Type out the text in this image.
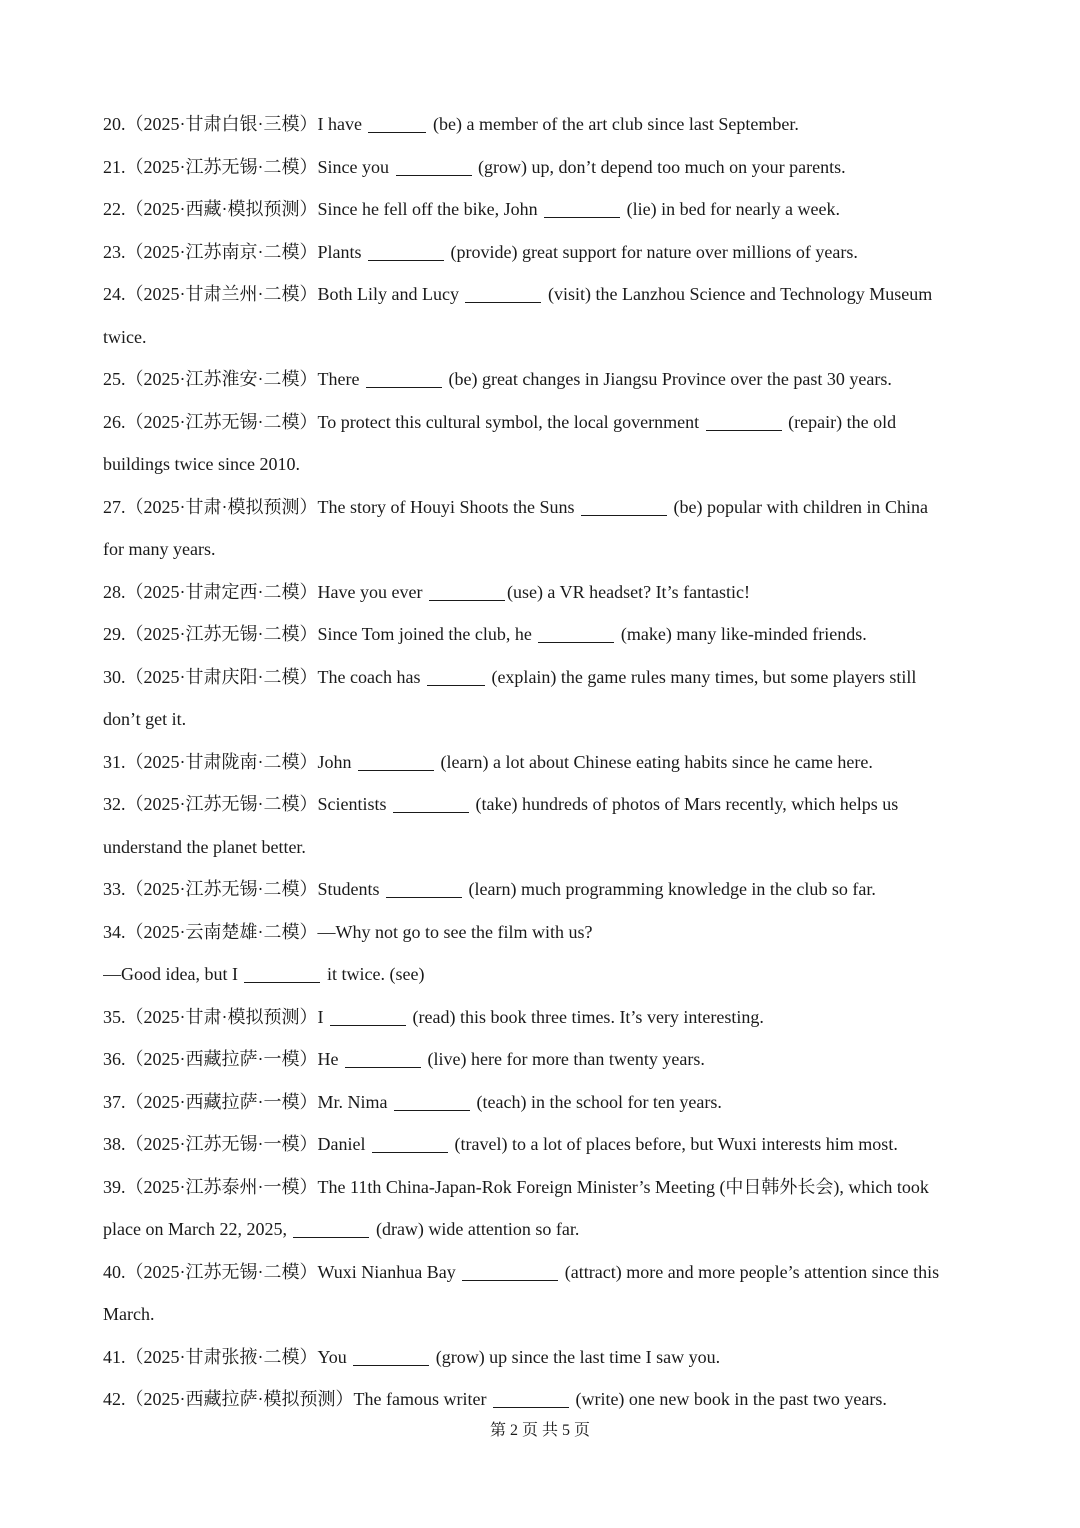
20.（2025·甘肃白银·三模）I have	(be) a member of the art club since last September.
21.（2025·江苏无锡·二模）Since you	(grow) up, don’t depend too much on your parents.
22.（2025·西藏·模拟预测）Since he fell off the bike, John	(lie) in bed for nearly a week.
23.（2025·江苏南京·二模）Plants	(provide) great support for nature over millions of years.
24.（2025·甘肃兰州·二模）Both Lily and Lucy	(visit) the Lanzhou Science and Technology Museum
twice.
25.（2025·江苏淮安·二模）There	(be) great changes in Jiangsu Province over the past 30 years.
26.（2025·江苏无锡·二模）To protect this cultural symbol, the local government	(repair) the old
buildings twice since 2010.
27.（2025·甘肃·模拟预测）The story of Houyi Shoots the Suns	(be) popular with children in China
for many years.
28.（2025·甘肃定西·二模）Have you ever	(use) a VR headset? It’s fantastic!
29.（2025·江苏无锡·二模）Since Tom joined the club, he	(make) many like-minded friends.
30.（2025·甘肃庆阳·二模）The coach has	(explain) the game rules many times, but some players still
don’t get it.
31.（2025·甘肃陇南·二模）John	(learn) a lot about Chinese eating habits since he came here.
32.（2025·江苏无锡·二模）Scientists	(take) hundreds of photos of Mars recently, which helps us
understand the planet better.
33.（2025·江苏无锡·二模）Students	(learn) much programming knowledge in the club so far.
34.（2025·云南楚雄·二模）—Why not go to see the film with us?
—Good idea, but I	it twice. (see)
35.（2025·甘肃·模拟预测）I	(read) this book three times. It’s very interesting.
36.（2025·西藏拉萨·一模）He	(live) here for more than twenty years.
37.（2025·西藏拉萨·一模）Mr. Nima	(teach) in the school for ten years.
38.（2025·江苏无锡·一模）Daniel	(travel) to a lot of places before, but Wuxi interests him most.
39.（2025·江苏泰州·一模）The 11th China-Japan-Rok Foreign Minister’s Meeting (中日韩外长会), which took
place on March 22, 2025,	(draw) wide attention so far.
40.（2025·江苏无锡·二模）Wuxi Nianhua Bay	(attract) more and more people’s attention since this
March.
41.（2025·甘肃张掖·二模）You	(grow) up since the last time I saw you.
42.（2025·西藏拉萨·模拟预测）The famous writer	(write) one new book in the past two years.
第 2 页 共 5 页
